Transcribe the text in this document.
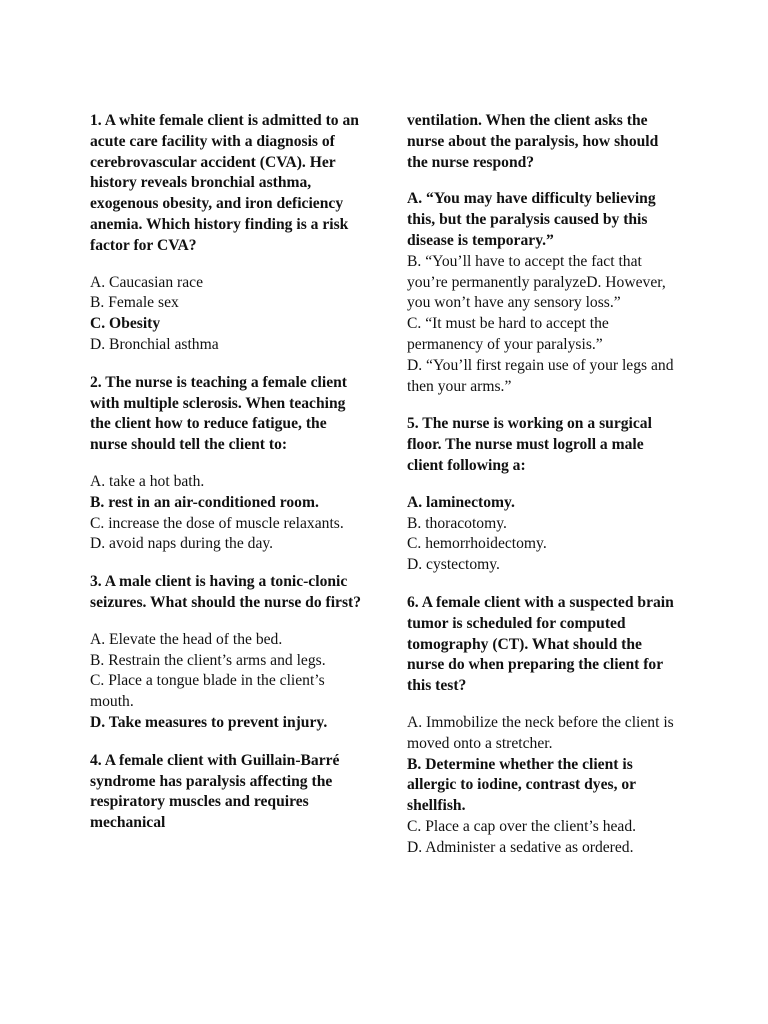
1. A white female client is admitted to an acute care facility with a diagnosis of cerebrovascular accident (CVA). Her history reveals bronchial asthma, exogenous obesity, and iron deficiency anemia. Which history finding is a risk factor for CVA?

A. Caucasian race
B. Female sex
C. Obesity
D. Bronchial asthma

2. The nurse is teaching a female client with multiple sclerosis. When teaching the client how to reduce fatigue, the nurse should tell the client to:

A. take a hot bath.
B. rest in an air-conditioned room.
C. increase the dose of muscle relaxants.
D. avoid naps during the day.

3. A male client is having a tonic-clonic seizures. What should the nurse do first?

A. Elevate the head of the bed.
B. Restrain the client’s arms and legs.
C. Place a tongue blade in the client’s mouth.
D. Take measures to prevent injury.

4. A female client with Guillain-Barré syndrome has paralysis affecting the respiratory muscles and requires mechanical

ventilation. When the client asks the nurse about the paralysis, how should the nurse respond?

A. “You may have difficulty believing this, but the paralysis caused by this disease is temporary.”
B. “You’ll have to accept the fact that you’re permanently paralyzeD. However, you won’t have any sensory loss.”
C. “It must be hard to accept the permanency of your paralysis.”
D. “You’ll first regain use of your legs and then your arms.”

5. The nurse is working on a surgical floor. The nurse must logroll a male client following a:

A. laminectomy.
B. thoracotomy.
C. hemorrhoidectomy.
D. cystectomy.

6. A female client with a suspected brain tumor is scheduled for computed tomography (CT). What should the nurse do when preparing the client for this test?

A. Immobilize the neck before the client is moved onto a stretcher.
B. Determine whether the client is allergic to iodine, contrast dyes, or shellfish.
C. Place a cap over the client’s head.
D. Administer a sedative as ordered.
